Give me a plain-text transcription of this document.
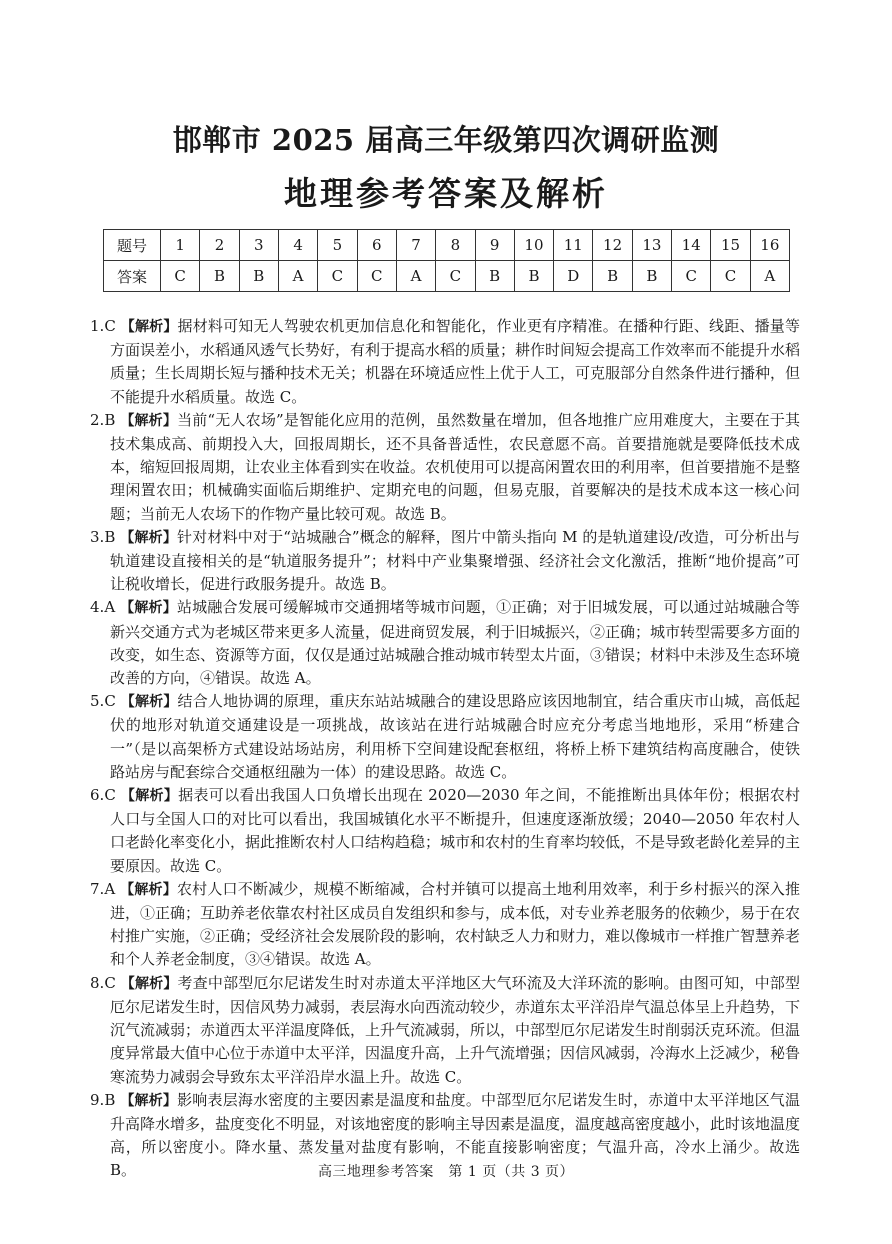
邯郸市 2025 届高三年级第四次调研监测
地理参考答案及解析
题号	1	2	3	4	5	6	7	8	9	10	11	12	13	14	15	16
答案	C	B	B	A	C	C	A	C	B	B	D	B	B	C	C	A
1.C 【解析】据材料可知无人驾驶农机更加信息化和智能化，作业更有序精准。在播种行距、线距、播量等方面误差小，水稻通风透气长势好，有利于提高水稻的质量；耕作时间短会提高工作效率而不能提升水稻质量；生长周期长短与播种技术无关；机器在环境适应性上优于人工，可克服部分自然条件进行播种，但不能提升水稻质量。故选 C。
2.B 【解析】当前“无人农场”是智能化应用的范例，虽然数量在增加，但各地推广应用难度大，主要在于其技术集成高、前期投入大，回报周期长，还不具备普适性，农民意愿不高。首要措施就是要降低技术成本，缩短回报周期，让农业主体看到实在收益。农机使用可以提高闲置农田的利用率，但首要措施不是整理闲置农田；机械确实面临后期维护、定期充电的问题，但易克服，首要解决的是技术成本这一核心问题；当前无人农场下的作物产量比较可观。故选 B。
3.B 【解析】针对材料中对于“站城融合”概念的解释，图片中箭头指向 M 的是轨道建设/改造，可分析出与轨道建设直接相关的是“轨道服务提升”；材料中产业集聚增强、经济社会文化激活，推断“地价提高”可让税收增长，促进行政服务提升。故选 B。
4.A 【解析】站城融合发展可缓解城市交通拥堵等城市问题，①正确；对于旧城发展，可以通过站城融合等新兴交通方式为老城区带来更多人流量，促进商贸发展，利于旧城振兴，②正确；城市转型需要多方面的改变，如生态、资源等方面，仅仅是通过站城融合推动城市转型太片面，③错误；材料中未涉及生态环境改善的方向，④错误。故选 A。
5.C 【解析】结合人地协调的原理，重庆东站站城融合的建设思路应该因地制宜，结合重庆市山城，高低起伏的地形对轨道交通建设是一项挑战，故该站在进行站城融合时应充分考虑当地地形，采用“桥建合一”（是以高架桥方式建设站场站房，利用桥下空间建设配套枢纽，将桥上桥下建筑结构高度融合，使铁路站房与配套综合交通枢纽融为一体）的建设思路。故选 C。
6.C 【解析】据表可以看出我国人口负增长出现在 2020—2030 年之间，不能推断出具体年份；根据农村人口与全国人口的对比可以看出，我国城镇化水平不断提升，但速度逐渐放缓；2040—2050 年农村人口老龄化率变化小，据此推断农村人口结构趋稳；城市和农村的生育率均较低，不是导致老龄化差异的主要原因。故选 C。
7.A 【解析】农村人口不断减少，规模不断缩减，合村并镇可以提高土地利用效率，利于乡村振兴的深入推进，①正确；互助养老依靠农村社区成员自发组织和参与，成本低，对专业养老服务的依赖少，易于在农村推广实施，②正确；受经济社会发展阶段的影响，农村缺乏人力和财力，难以像城市一样推广智慧养老和个人养老金制度，③④错误。故选 A。
8.C 【解析】考查中部型厄尔尼诺发生时对赤道太平洋地区大气环流及大洋环流的影响。由图可知，中部型厄尔尼诺发生时，因信风势力减弱，表层海水向西流动较少，赤道东太平洋沿岸气温总体呈上升趋势，下沉气流减弱；赤道西太平洋温度降低，上升气流减弱，所以，中部型厄尔尼诺发生时削弱沃克环流。但温度异常最大值中心位于赤道中太平洋，因温度升高，上升气流增强；因信风减弱，冷海水上泛减少，秘鲁寒流势力减弱会导致东太平洋沿岸水温上升。故选 C。
9.B 【解析】影响表层海水密度的主要因素是温度和盐度。中部型厄尔尼诺发生时，赤道中太平洋地区气温升高降水增多，盐度变化不明显，对该地密度的影响主导因素是温度，温度越高密度越小，此时该地温度高，所以密度小。降水量、蒸发量对盐度有影响，不能直接影响密度；气温升高，冷水上涌少。故选 B。	高三地理参考答案　第 1 页（共 3 页）
